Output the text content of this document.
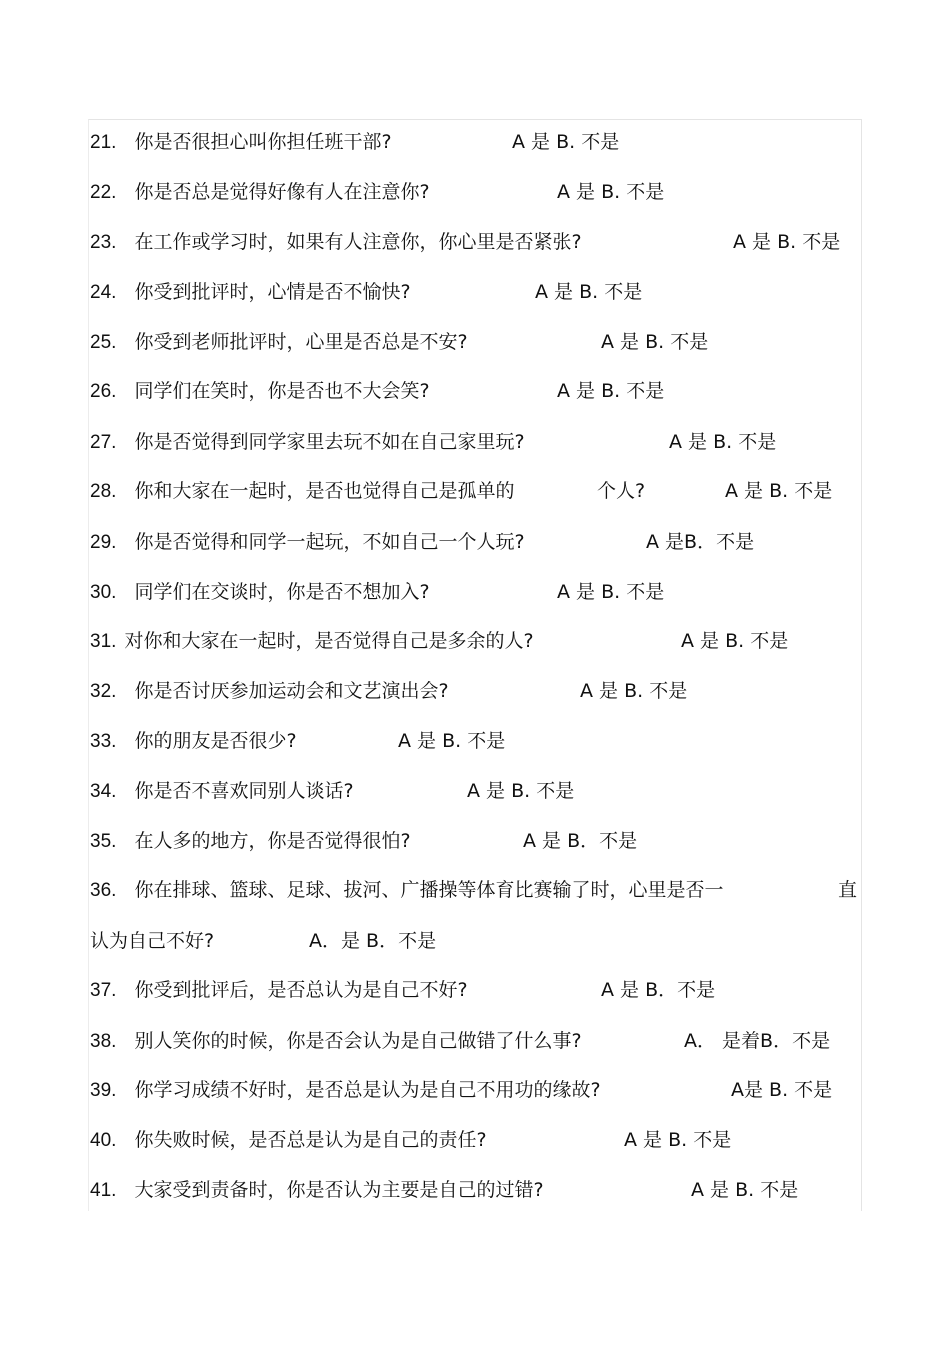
21. 你是否很担心叫你担任班干部?	A 是 B. 不是
22. 你是否总是觉得好像有人在注意你?	A 是 B. 不是
23. 在工作或学习时，如果有人注意你，你心里是否紧张?	A 是 B. 不是
24. 你受到批评时，心情是否不愉快?	A 是 B. 不是
25. 你受到老师批评时，心里是否总是不安?	A 是 B. 不是
26. 同学们在笑时，你是否也不大会笑?	A 是 B. 不是
27. 你是否觉得到同学家里去玩不如在自己家里玩?	A 是 B. 不是
28. 你和大家在一起时，是否也觉得自己是孤单的	个人?	A 是 B. 不是
29. 你是否觉得和同学一起玩，不如自己一个人玩?	A 是B．不是
30. 同学们在交谈时，你是否不想加入?	A 是 B. 不是
31. 对你和大家在一起时，是否觉得自己是多余的人?	A 是 B. 不是
32. 你是否讨厌参加运动会和文艺演出会?	A 是 B. 不是
33. 你的朋友是否很少?	A 是 B. 不是
34. 你是否不喜欢同别人谈话?	A 是 B. 不是
35. 在人多的地方，你是否觉得很怕?	A 是 B．不是
36. 你在排球、篮球、足球、拔河、广播操等体育比赛输了时，心里是否一	直
认为自己不好?	A．是 B．不是
37. 你受到批评后，是否总认为是自己不好?	A 是 B．不是
38. 别人笑你的时候，你是否会认为是自己做错了什么事?	A． 是着B．不是
39. 你学习成绩不好时，是否总是认为是自己不用功的缘故?	A是 B. 不是
40. 你失败时候，是否总是认为是自己的责任?	A 是 B. 不是
41. 大家受到责备时，你是否认为主要是自己的过错?	A 是 B. 不是
